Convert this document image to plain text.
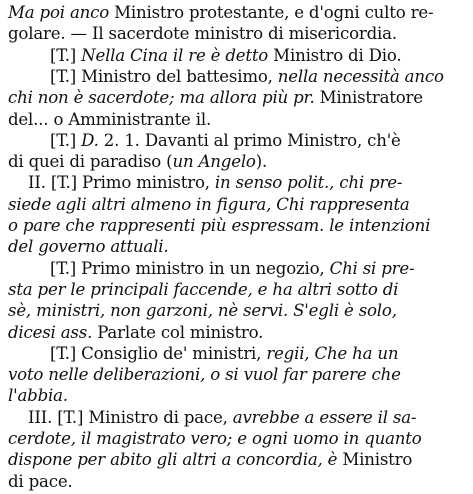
Ma poi anco Ministro protestante, e d'ogni culto re-
golare. — Il sacerdote ministro di misericordia.
[T.] Nella Cina il re è detto Ministro di Dio.
[T.] Ministro del battesimo, nella necessità anco
chi non è sacerdote; ma allora più pr. Ministratore
del... o Amministrante il.
[T.] D. 2. 1. Davanti al primo Ministro, ch'è
di quei di paradiso (un Angelo).
II. [T.] Primo ministro, in senso polit., chi pre-
siede agli altri almeno in figura, Chi rappresenta
o pare che rappresenti più espressam. le intenzioni
del governo attuali.
[T.] Primo ministro in un negozio, Chi si pre-
sta per le principali faccende, e ha altri sotto di
sè, ministri, non garzoni, nè servi. S'egli è solo,
dicesi ass. Parlate col ministro.
[T.] Consiglio de' ministri, regii, Che ha un
voto nelle deliberazioni, o si vuol far parere che
l'abbia.
III. [T.] Ministro di pace, avrebbe a essere il sa-
cerdote, il magistrato vero; e ogni uomo in quanto
dispone per abito gli altri a concordia, è Ministro
di pace.
